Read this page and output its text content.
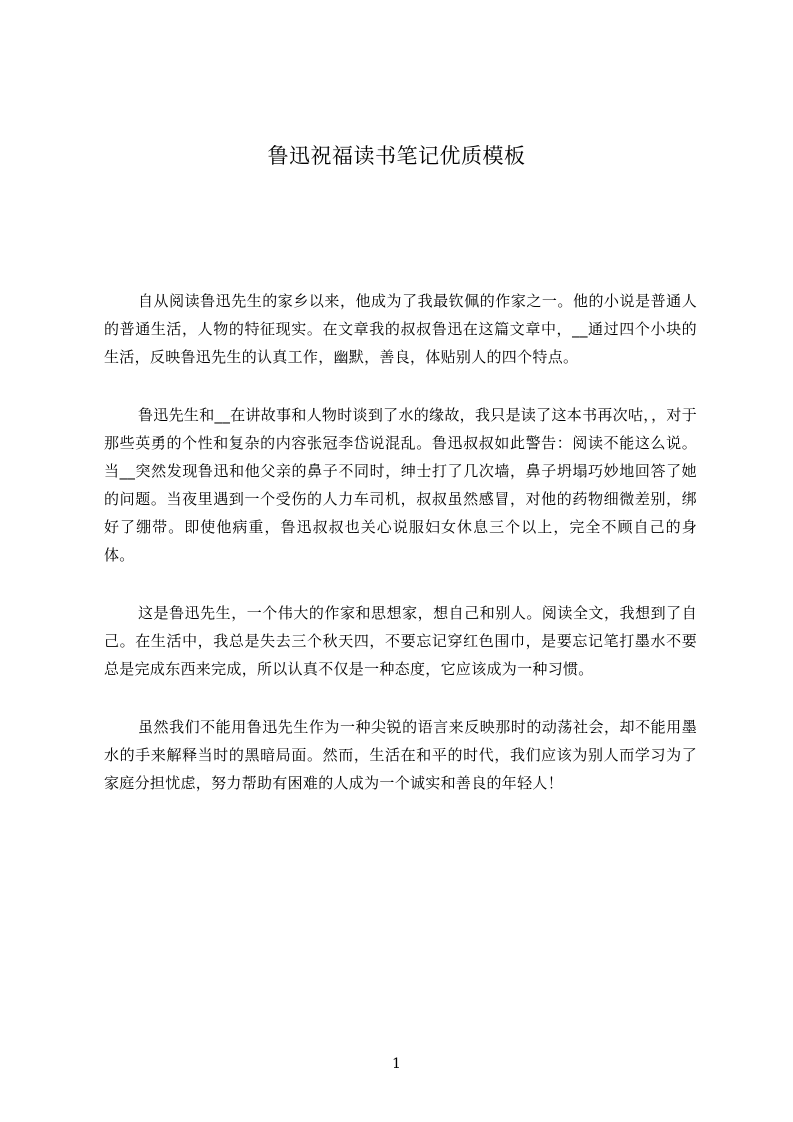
鲁迅祝福读书笔记优质模板

自从阅读鲁迅先生的家乡以来，他成为了我最钦佩的作家之一。他的小说是普通人的普通生活，人物的特征现实。在文章我的叔叔鲁迅在这篇文章中，__通过四个小块的生活，反映鲁迅先生的认真工作，幽默，善良，体贴别人的四个特点。

鲁迅先生和__在讲故事和人物时谈到了水的缘故，我只是读了这本书再次咕，，对于那些英勇的个性和复杂的内容张冠李岱说混乱。鲁迅叔叔如此警告：阅读不能这么说。当__突然发现鲁迅和他父亲的鼻子不同时，绅士打了几次墙，鼻子坍塌巧妙地回答了她的问题。当夜里遇到一个受伤的人力车司机，叔叔虽然感冒，对他的药物细微差别，绑好了绷带。即使他病重，鲁迅叔叔也关心说服妇女休息三个以上，完全不顾自己的身体。

这是鲁迅先生，一个伟大的作家和思想家，想自己和别人。阅读全文，我想到了自己。在生活中，我总是失去三个秋天四，不要忘记穿红色围巾，是要忘记笔打墨水不要总是完成东西来完成，所以认真不仅是一种态度，它应该成为一种习惯。

虽然我们不能用鲁迅先生作为一种尖锐的语言来反映那时的动荡社会，却不能用墨水的手来解释当时的黑暗局面。然而，生活在和平的时代，我们应该为别人而学习为了家庭分担忧虑，努力帮助有困难的人成为一个诚实和善良的年轻人！

1
